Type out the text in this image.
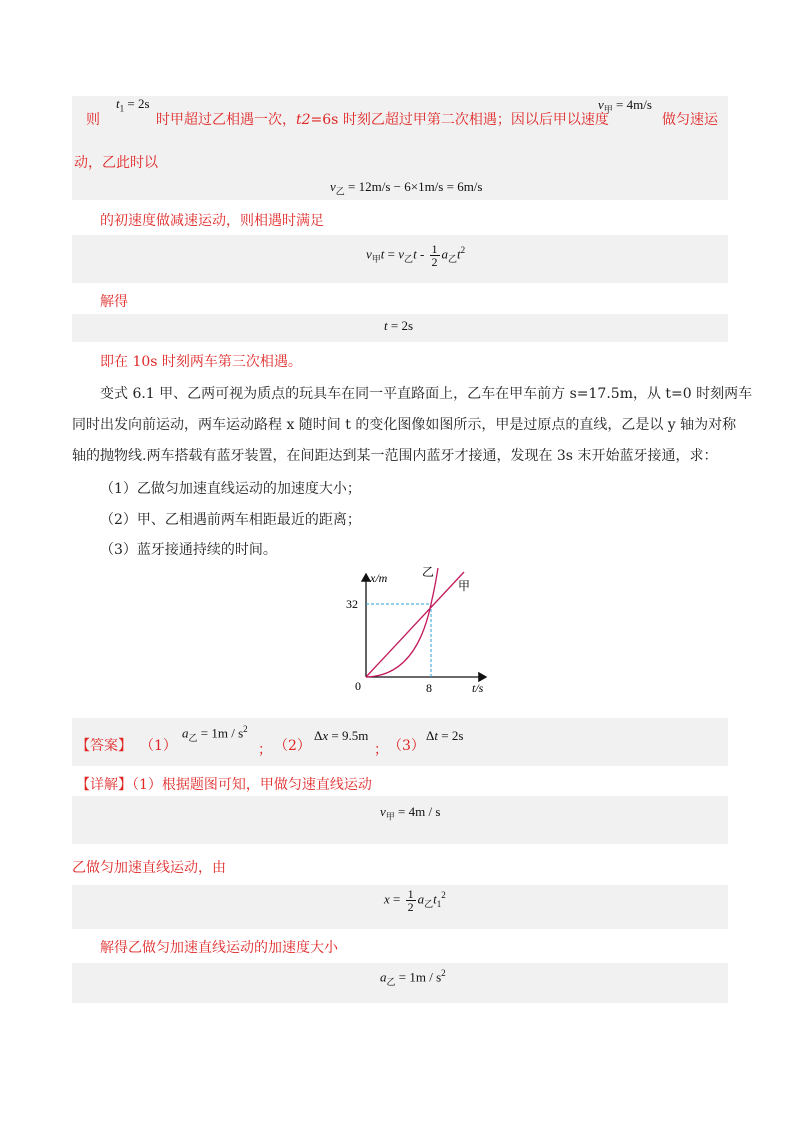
则
$t_1 = 2s$
时甲超过乙相遇一次，t2=6s 时刻乙超过甲第二次相遇；因以后甲以速度
$v_甲 = 4m/s$
做匀速运
动，乙此时以
$v_乙 = 12m/s - 6\times 1m/s = 6m/s$
的初速度做减速运动，则相遇时满足
$v_甲t = v_乙t - \frac{1}{2} a_乙t^2$
解得
t = 2s
即在 10s 时刻两车第三次相遇。
变式 6.1 甲、乙两可视为质点的玩具车在同一平直路面上，乙车在甲车前方 s=17.5m，从 t=0 时刻两车
同时出发向前运动，两车运动路程 x 随时间 t 的变化图像如图所示，甲是过原点的直线，乙是以 y 轴为对称
轴的抛物线.两车搭载有蓝牙装置，在间距达到某一范围内蓝牙才接通，发现在 3s 末开始蓝牙接通，求：
（1）乙做匀加速直线运动的加速度大小；
（2）甲、乙相遇前两车相距最近的距离；
（3）蓝牙接通持续的时间。
x/m
t/s
0
32
8
乙
甲
【答案】 （1）
$a_乙 = 1m / s^2$
； （2）
Δx = 9.5m
； （3）
Δt = 2s
【详解】（1）根据题图可知，甲做匀速直线运动
$v_甲 = 4m / s$
乙做匀加速直线运动，由
$x = \frac{1}{2} a_乙t_1^2$
解得乙做匀加速直线运动的加速度大小
$a_乙 = 1m / s^2$
